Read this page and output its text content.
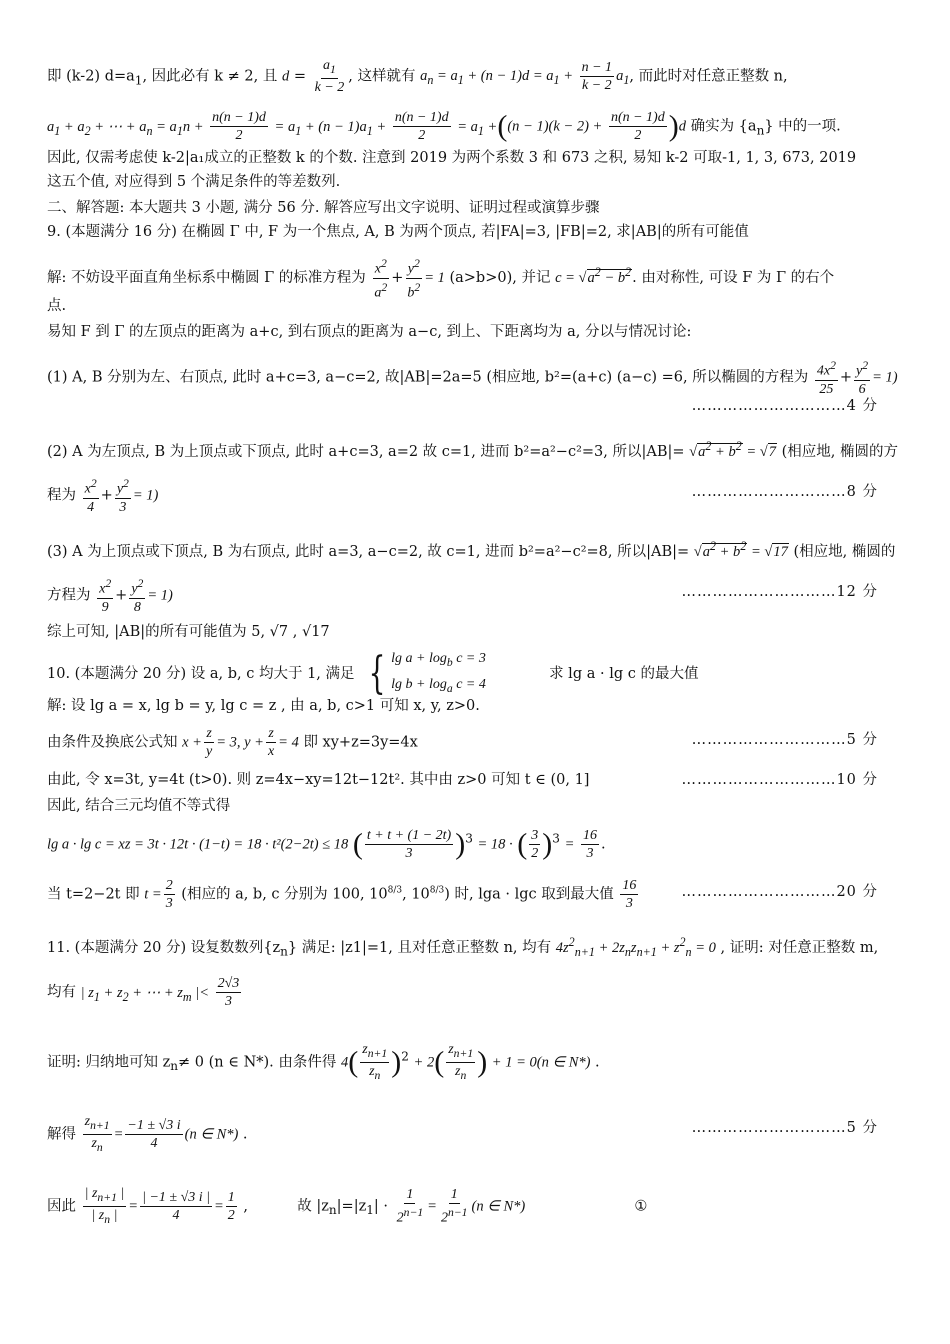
即 (k-2) $d=a_1$, 因此必有 k ≠ 2, 且 $d = \frac{a_1}{k - 2}$ , 这样就有 $a_n = a_1 + (n - 1)d = a_1 + \frac{n - 1}{k - 2} a_1$, 而此时对任意正整数 n,
$a_1 + a_2$ + ⋯ + $a_n = a_1n + \frac{n(n - 1)d}{2} = a_1 + (n - 1)a_1 + \frac{n(n - 1)d}{2} = a_1 +((n - 1)(k - 2) + \frac{n(n - 1)d}{2} )d$ 确实为 $\{a_n\}$ 中的一项.
因此, 仅需考虑使 k-2|a₁成立的正整数 k 的个数. 注意到 2019 为两个系数 3 和 673 之积, 易知 k-2 可取-1, 1, 3, 673, 2019
这五个值, 对应得到 5 个满足条件的等差数列.
二、解答题: 本大题共 3 小题, 满分 56 分. 解答应写出文字说明、证明过程或演算步骤
9. (本题满分 16 分) 在椭圆 Γ 中, F 为一个焦点, A, B 为两个顶点, 若|FA|=3, |FB|=2, 求|AB|的所有可能值
解: 不妨设平面直角坐标系中椭圆 Γ 的标准方程为 $\frac{x^2}{a^2} + \frac{y^2}{b^2} = 1$ (a>b>0), 并记 $c = √a^2 - b^2$. 由对称性, 可设 F 为 Γ 的右个
点.
易知 F 到 Γ 的左顶点的距离为 a+c, 到右顶点的距离为 a−c, 到上、下距离均为 a, 分以与情况讨论:
(1) A, B 分别为左、右顶点, 此时 a+c=3, a−c=2, 故|AB|=2a=5 (相应地, b²=(a+c) (a−c) =6, 所以椭圆的方程为 $\frac{4x^2}{25} + \frac{y^2}{6} = 1$)
…………………………4 分
(2) A 为左顶点, B 为上顶点或下顶点, 此时 a+c=3, a=2 故 c=1, 进而 b²=a²−c²=3, 所以$|AB|= √a^2 + b^2 = √7$ (相应地, 椭圆的方
程为 $\frac{x^2}{4} + \frac{y^2}{3} = 1$)	…………………………8 分
(3) A 为上顶点或下顶点, B 为右顶点, 此时 a=3, a−c=2, 故 c=1, 进而 b²=a²−c²=8, 所以$|AB|= √a^2 + b^2 = √17$ (相应地, 椭圆的
方程为 $\frac{x^2}{9} + \frac{y^2}{8} = 1$)	…………………………12 分
综上可知, |AB|的所有可能值为 5, √7 , √17
10. (本题满分 20 分) 设 a, b, c 均大于 1, 满足 { $\lg a + \log_b c = 3$
$\lg b + \log_a c = 4$
求 lg a · lg c 的最大值
解: 设 lg a = x, lg b = y, lg c = z , 由 a, b, c>1 可知 x, y, z>0.
由条件及换底公式知 $x + \frac{z}{y} = 3$, $y + \frac{z}{x} = 4$ 即 xy+z=3y=4x	…………………………5 分
由此, 令 x=3t, y=4t (t>0). 则 z=4x−xy=12t−12t². 其中由 z>0 可知 t ∈ (0, 1]	…………………………10 分
因此, 结合三元均值不等式得
lg a · lg c = xz = 3t · 12t · (1−t) = 18 · t²(2−2t) ≤ 18 ( $\frac{t + t + (1 - 2t)}{3} )^3 = 18$ · ( $\frac{3}{2} )^3 = \frac{16}{3}$ .
当 t=2−2t 即 $t = \frac{2}{3}$ (相应的 a, b, c 分别为 100, $10^{8/3}$, $10^{8/3}$) 时, lga · lgc 取到最大值 $\frac{16}{3}$	…………………………20 分
11. (本题满分 20 分) 设复数数列$\{z_n\}$ 满足: |z1|=1, 且对任意正整数 n, 均有 $4z^2_{n+1} + 2z_nz_{n+1} + z^2_n = 0$ , 证明: 对任意正整数 m,
均有 | $z_1 + z_2$ + ⋯ + $z_m$ |< $\frac{2√3}{3}$
证明: 归纳地可知 $z_n\ne 0$ (n ∈ N*). 由条件得 $4( \frac{z_{n+1}}{z_n} )^2 + 2( \frac{z_{n+1}}{z_n}$ ) + 1 = 0(n ∈ N*) .
解得 $\frac{z_{n+1}}{z_n} = \frac{-1 \pm √3 i}{4} (n$ ∈ N*) .	…………………………5 分
因此 $\frac{| z_{n+1} |}{| z_n |} = \frac{| -1 \pm √3 i |}{4} = \frac{1}{2}$ ,	故 $|z_n|=|z_1| \cdot \frac{1}{2^{n-1}} = \frac{1}{2^{n-1}} (n$ ∈ N*)	①
